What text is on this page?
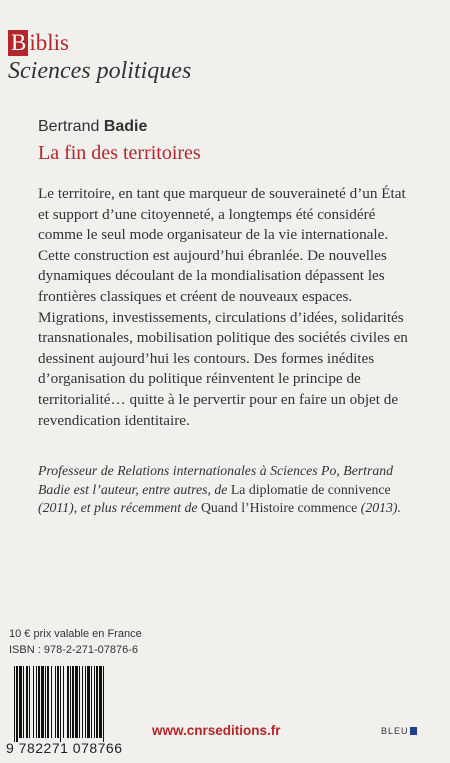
B iblis
Sciences politiques
Bertrand Badie
La fin des territoires

Le territoire, en tant que marqueur de souveraineté d’un État et support d’une citoyenneté, a longtemps été considéré comme le seul mode organisateur de la vie internationale. Cette construction est aujourd’hui ébranlée. De nouvelles dynamiques découlant de la mondialisation dépassent les frontières classiques et créent de nouveaux espaces. Migrations, investissements, circulations d’idées, solidarités transnationales, mobilisation politique des sociétés civiles en dessinent aujourd’hui les contours. Des formes inédites d’organisation du politique réinventent le principe de territorialité… quitte à le pervertir pour en faire un objet de revendication identitaire.

Professeur de Relations internationales à Sciences Po, Bertrand Badie est l’auteur, entre autres, de La diplomatie de connivence (2011), et plus récemment de Quand l’Histoire commence (2013).

10 € prix valable en France
ISBN : 978-2-271-07876-6
9 782271 078766
www.cnrseditions.fr	BLEU
